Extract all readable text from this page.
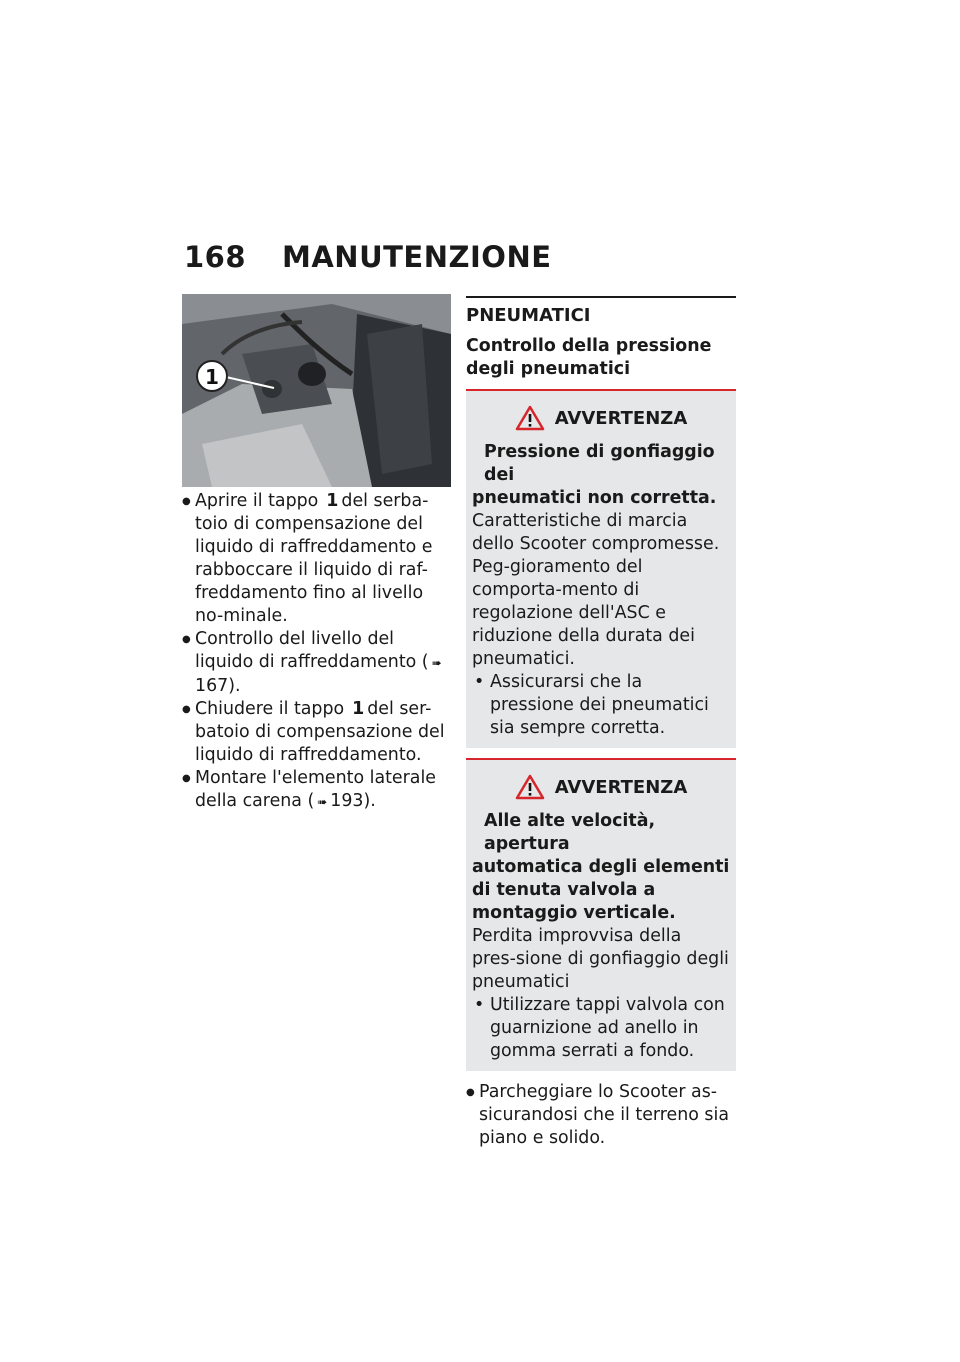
168 MANUTENZIONE
1
● Aprire il tappo 1 del serba-toio di compensazione del liquido di raffreddamento e rabboccare il liquido di raf-freddamento fino al livello no-minale.
● Controllo del livello del liquido di raffreddamento ( ➠167).
● Chiudere il tappo 1 del ser-batoio di compensazione del liquido di raffreddamento.
● Montare l'elemento laterale della carena ( ➠ 193).
PNEUMATICI
Controllo della pressione degli pneumatici
AVVERTENZA
Pressione di gonfiaggio dei
pneumatici non corretta.
Caratteristiche di marcia dello Scooter compromesse. Peg-gioramento del comporta-mento di regolazione dell'ASC e riduzione della durata dei pneumatici.
• Assicurarsi che la pressione dei pneumatici sia sempre corretta.
AVVERTENZA
Alle alte velocità, apertura
automatica degli elementi di tenuta valvola a montaggio verticale.
Perdita improvvisa della pres-sione di gonfiaggio degli pneumatici
• Utilizzare tappi valvola con guarnizione ad anello in gomma serrati a fondo.
● Parcheggiare lo Scooter as-sicurandosi che il terreno sia piano e solido.
